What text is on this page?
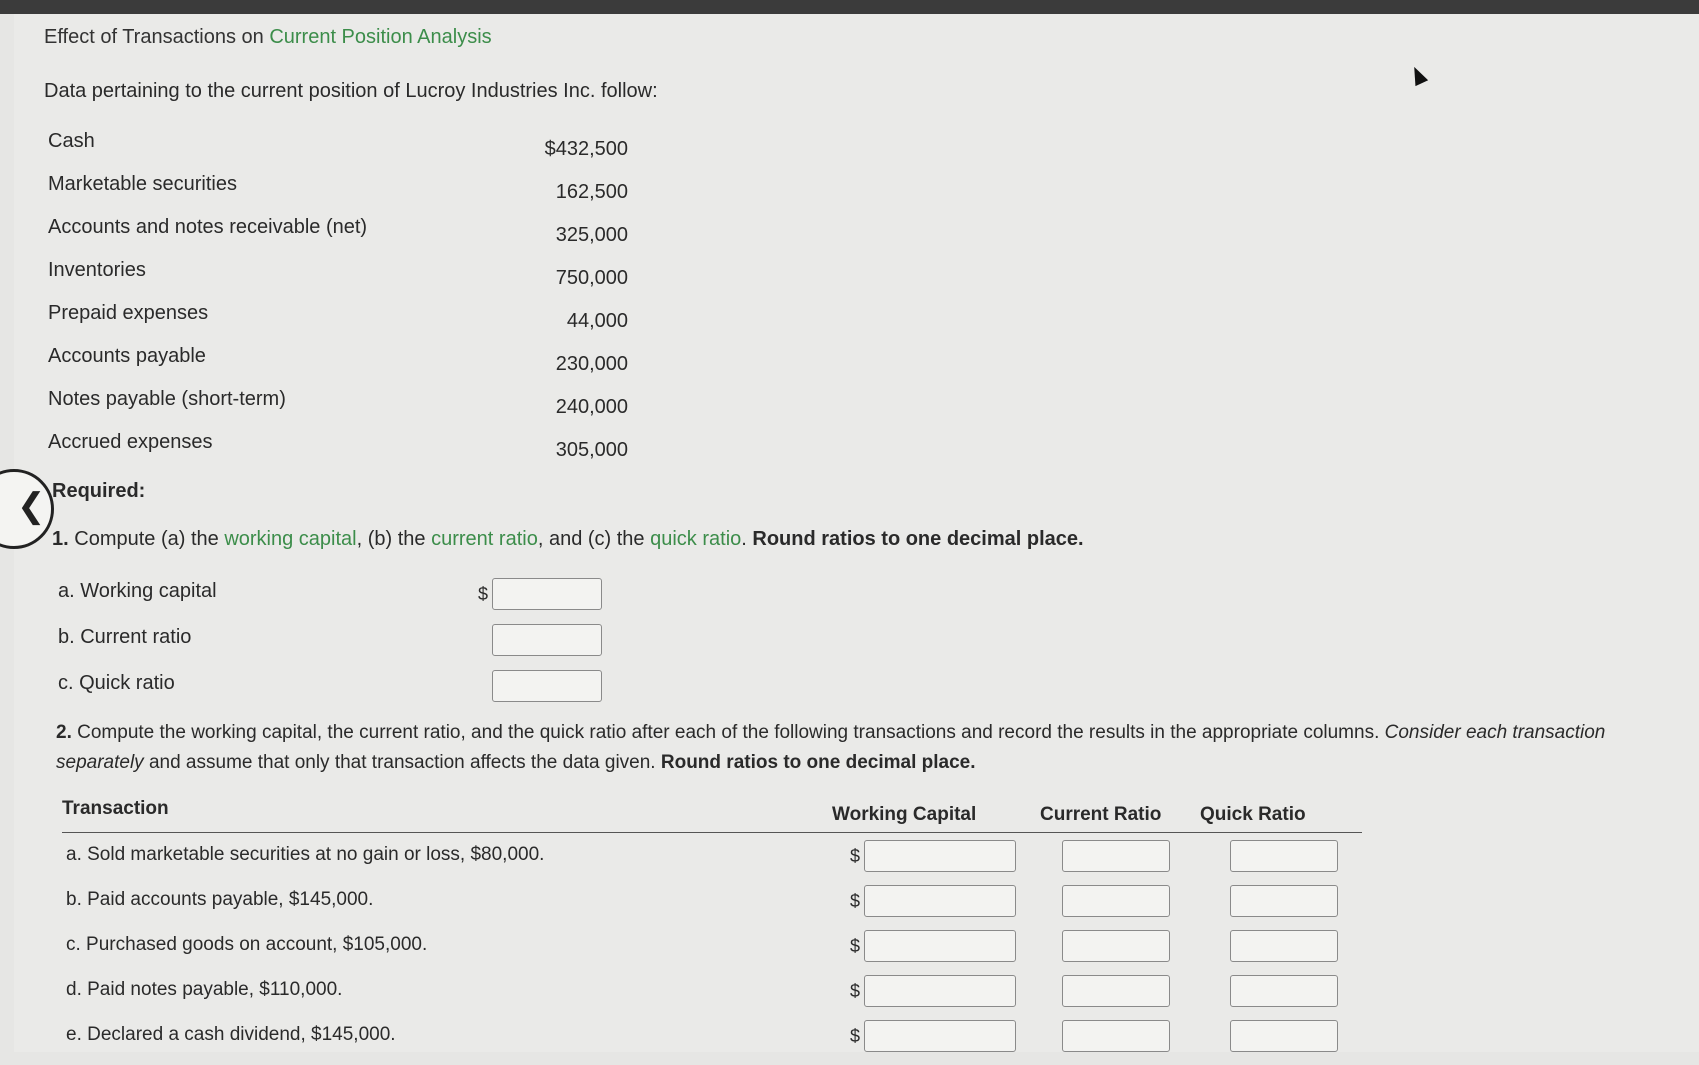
Effect of Transactions on Current Position Analysis
Data pertaining to the current position of Lucroy Industries Inc. follow:
Cash	$432,500
Marketable securities	162,500
Accounts and notes receivable (net)	325,000
Inventories	750,000
Prepaid expenses	44,000
Accounts payable	230,000
Notes payable (short-term)	240,000
Accrued expenses	305,000
Required:
1. Compute (a) the working capital, (b) the current ratio, and (c) the quick ratio. Round ratios to one decimal place.
a. Working capital	$
b. Current ratio
c. Quick ratio
2. Compute the working capital, the current ratio, and the quick ratio after each of the following transactions and record the results in the appropriate columns. Consider each transaction separately and assume that only that transaction affects the data given. Round ratios to one decimal place.
Transaction	Working Capital	Current Ratio Quick Ratio
a. Sold marketable securities at no gain or loss, $80,000.	$
b. Paid accounts payable, $145,000.	$
c. Purchased goods on account, $105,000.	$
d. Paid notes payable, $110,000.	$
e. Declared a cash dividend, $145,000.	$
❮
